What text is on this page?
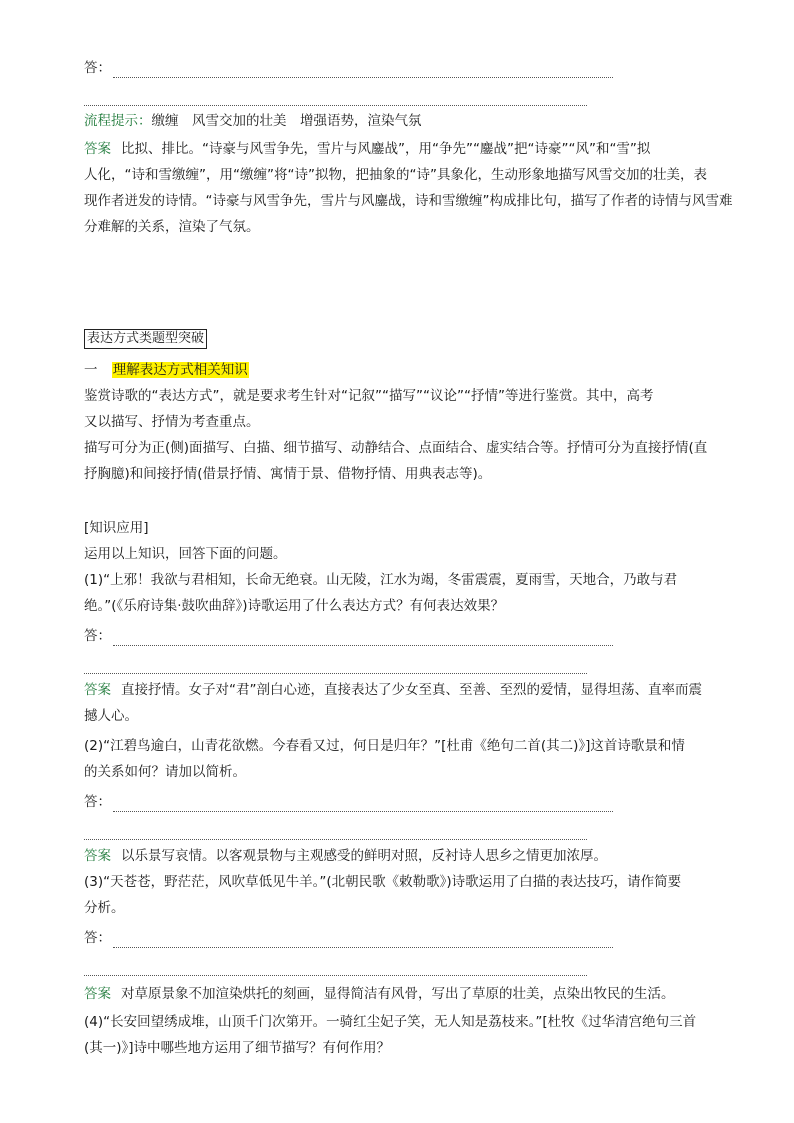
答：
流程提示：缴缠　风雪交加的壮美　增强语势，渲染气氛
答案 比拟、排比。“诗豪与风雪争先，雪片与风鏖战”，用“争先”“鏖战”把“诗豪”“风”和“雪”拟
人化，“诗和雪缴缠”，用“缴缠”将“诗”拟物，把抽象的“诗”具象化，生动形象地描写风雪交加的壮美，表
现作者迸发的诗情。“诗豪与风雪争先，雪片与风鏖战，诗和雪缴缠”构成排比句，描写了作者的诗情与风雪难
分难解的关系，渲染了气氛。
表达方式类题型突破
一 理解表达方式相关知识
鉴赏诗歌的“表达方式”，就是要求考生针对“记叙”“描写”“议论”“抒情”等进行鉴赏。其中，高考
又以描写、抒情为考查重点。
描写可分为正(侧)面描写、白描、细节描写、动静结合、点面结合、虚实结合等。抒情可分为直接抒情(直
抒胸臆)和间接抒情(借景抒情、寓情于景、借物抒情、用典表志等)。
[知识应用]
运用以上知识，回答下面的问题。
(1)“上邪！我欲与君相知，长命无绝衰。山无陵，江水为竭，冬雷震震，夏雨雪，天地合，乃敢与君
绝。”(《乐府诗集·鼓吹曲辞》)诗歌运用了什么表达方式？有何表达效果？
答：
答案 直接抒情。女子对“君”剖白心迹，直接表达了少女至真、至善、至烈的爱情，显得坦荡、直率而震
撼人心。
(2)“江碧鸟逾白，山青花欲燃。今春看又过，何日是归年？”[杜甫《绝句二首(其二)》]这首诗歌景和情
的关系如何？请加以简析。
答：
答案 以乐景写哀情。以客观景物与主观感受的鲜明对照，反衬诗人思乡之情更加浓厚。
(3)“天苍苍，野茫茫，风吹草低见牛羊。”(北朝民歌《敕勒歌》)诗歌运用了白描的表达技巧，请作简要
分析。
答：
答案 对草原景象不加渲染烘托的刻画，显得简洁有风骨，写出了草原的壮美，点染出牧民的生活。
(4)“长安回望绣成堆，山顶千门次第开。一骑红尘妃子笑，无人知是荔枝来。”[杜牧《过华清宫绝句三首
(其一)》]诗中哪些地方运用了细节描写？有何作用？
